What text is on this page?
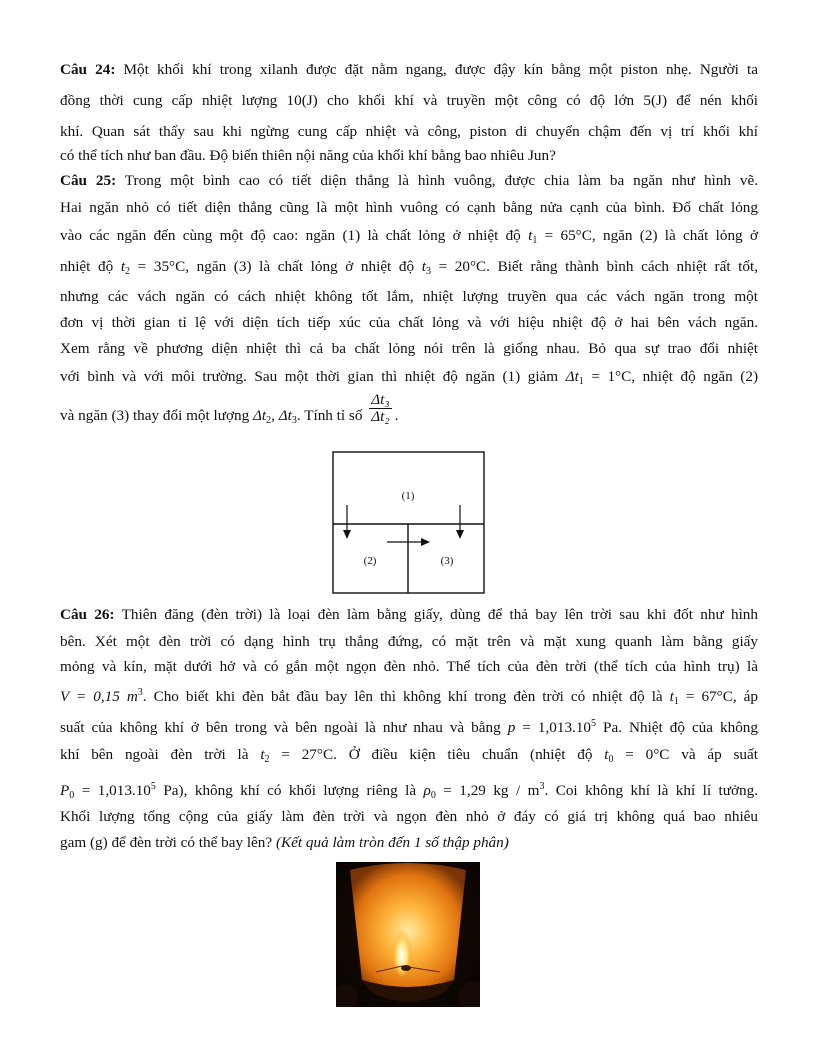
Câu 24: Một khối khí trong xilanh được đặt nằm ngang, được đậy kín bằng một piston nhẹ. Người ta
đồng thời cung cấp nhiệt lượng 10(J) cho khối khí và truyền một công có độ lớn 5(J) để nén khối
khí. Quan sát thấy sau khi ngừng cung cấp nhiệt và công, piston di chuyển chậm đến vị trí khối khí
có thể tích như ban đầu. Độ biến thiên nội năng của khối khí bằng bao nhiêu Jun?
Câu 25: Trong một bình cao có tiết diện thẳng là hình vuông, được chia làm ba ngăn như hình vẽ.
Hai ngăn nhỏ có tiết diện thẳng cũng là một hình vuông có cạnh bằng nửa cạnh của bình. Đổ chất lỏng
vào các ngăn đến cùng một độ cao: ngăn (1) là chất lỏng ở nhiệt độ $t_1 = 65^\circ C$, ngăn (2) là chất lỏng ở
nhiệt độ $t_2 = 35^\circ C$, ngăn (3) là chất lỏng ở nhiệt độ $t_3 = 20^\circ C$. Biết rằng thành bình cách nhiệt rất tốt,
nhưng các vách ngăn có cách nhiệt không tốt lắm, nhiệt lượng truyền qua các vách ngăn trong một
đơn vị thời gian tỉ lệ với diện tích tiếp xúc của chất lỏng và với hiệu nhiệt độ ở hai bên vách ngăn.
Xem rằng về phương diện nhiệt thì cả ba chất lỏng nói trên là giống nhau. Bỏ qua sự trao đổi nhiệt
với bình và với môi trường. Sau một thời gian thì nhiệt độ ngăn (1) giảm $\Delta t_1 = 1^\circ C$, nhiệt độ ngăn (2)
và ngăn (3) thay đổi một lượng $\Delta t_2$, $\Delta t_3$. Tính tỉ số $\frac{\text{Δt₃}}{\text{Δt₂}}$ .
(1)
(2)	(3)
Câu 26: Thiên đăng (đèn trời) là loại đèn làm bằng giấy, dùng để thả bay lên trời sau khi đốt như hình
bên. Xét một đèn trời có dạng hình trụ thẳng đứng, có mặt trên và mặt xung quanh làm bằng giấy
mỏng và kín, mặt dưới hở và có gắn một ngọn đèn nhỏ. Thể tích của đèn trời (thể tích của hình trụ) là
V = 0,15 $m^3$. Cho biết khi đèn bắt đầu bay lên thì không khí trong đèn trời có nhiệt độ là $t_1 = 67^\circ C$, áp
suất của không khí ở bên trong và bên ngoài là như nhau và bằng $p = 1,013.10^5$ Pa. Nhiệt độ của không
khí bên ngoài đèn trời là $t_2 = 27^\circ C$. Ở điều kiện tiêu chuẩn (nhiệt độ $t_0 = 0^\circ C$ và áp suất
$P_0 = 1,013.10^5$ Pa), không khí có khối lượng riêng là $\rho_0 = 1,29$ kg / $m^3$. Coi không khí là khí lí tưởng.
Khối lượng tổng cộng của giấy làm đèn trời và ngọn đèn nhỏ ở đáy có giá trị không quá bao nhiêu
gam (g) để đèn trời có thể bay lên? (Kết quả làm tròn đến 1 số thập phân)
